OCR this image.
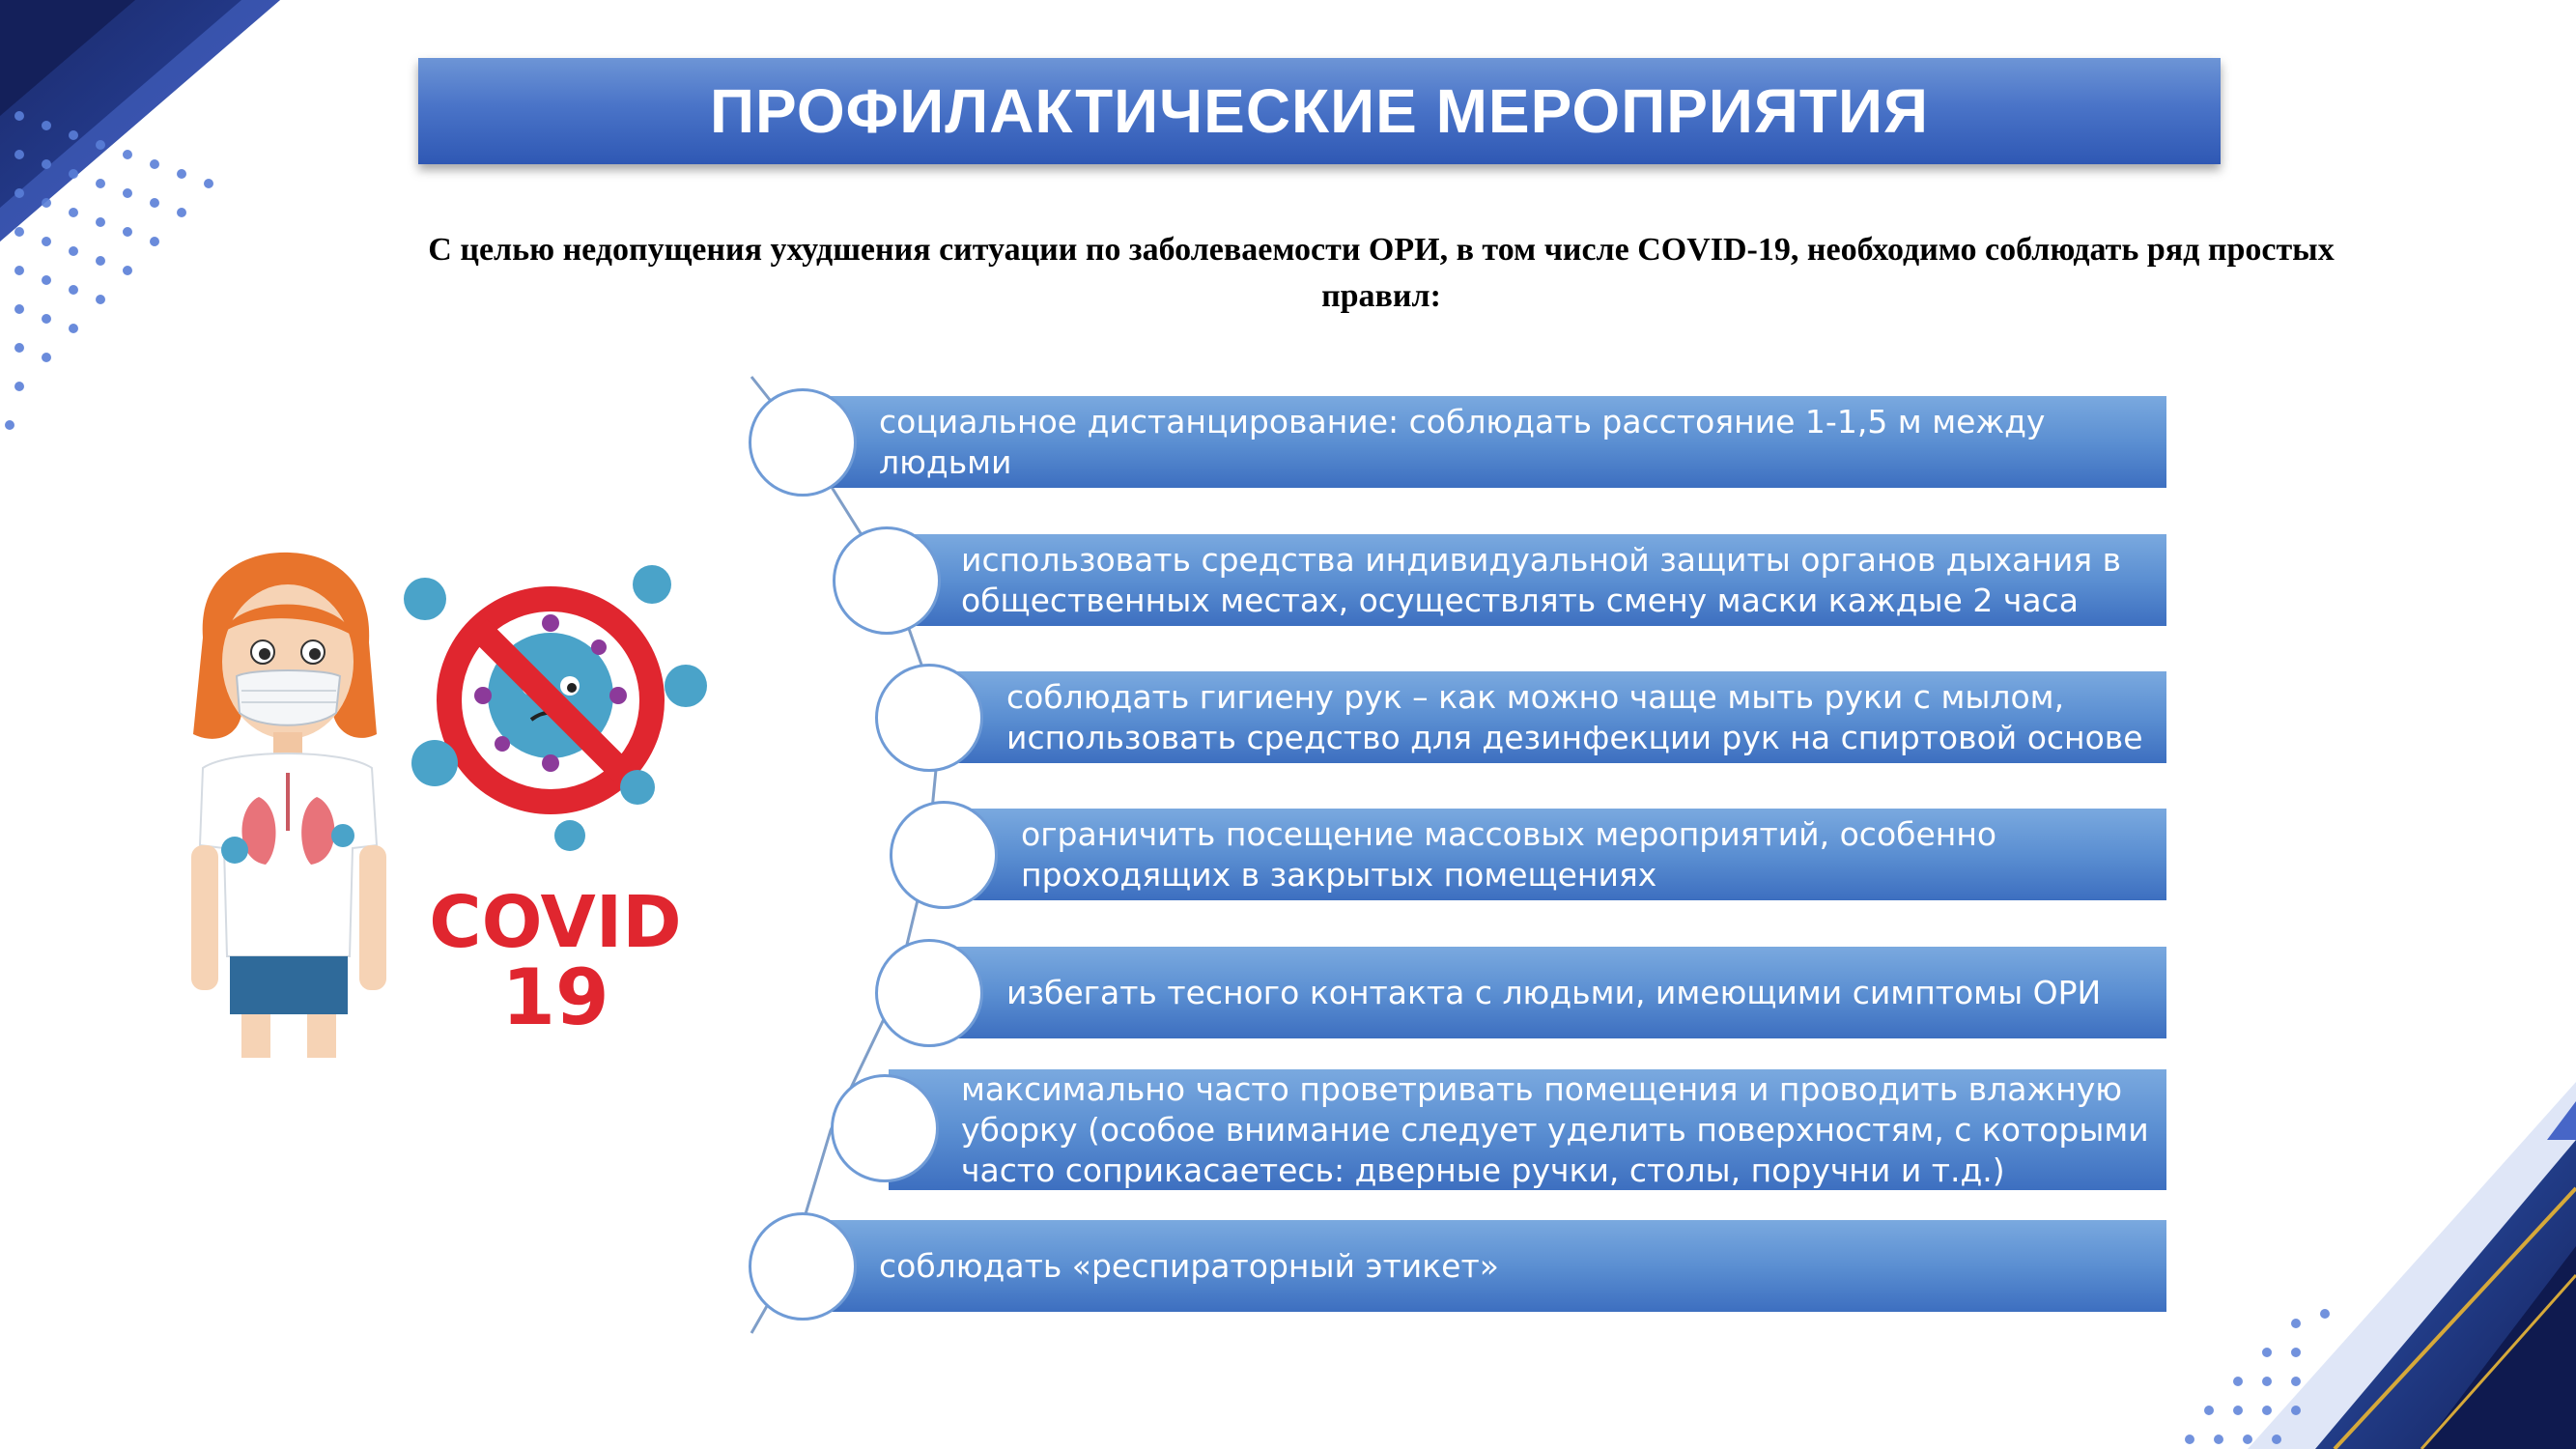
ПРОФИЛАКТИЧЕСКИЕ МЕРОПРИЯТИЯ
С целью недопущения ухудшения ситуации по заболеваемости ОРИ, в том числе COVID-19, необходимо соблюдать ряд простых
правил:
социальное дистанцирование: соблюдать расстояние 1-1,5 м между людьми
использовать средства индивидуальной защиты органов дыхания в общественных местах, осуществлять смену маски каждые 2 часа
соблюдать гигиену рук – как можно чаще мыть руки с мылом, использовать средство для дезинфекции рук на спиртовой основе
ограничить посещение массовых мероприятий, особенно проходящих в закрытых помещениях
избегать тесного контакта с людьми, имеющими симптомы ОРИ
максимально часто проветривать помещения и проводить влажную уборку (особое внимание следует уделить поверхностям, с которыми часто соприкасаетесь: дверные ручки, столы, поручни и т.д.)
соблюдать «респираторный этикет»
COVID
19
